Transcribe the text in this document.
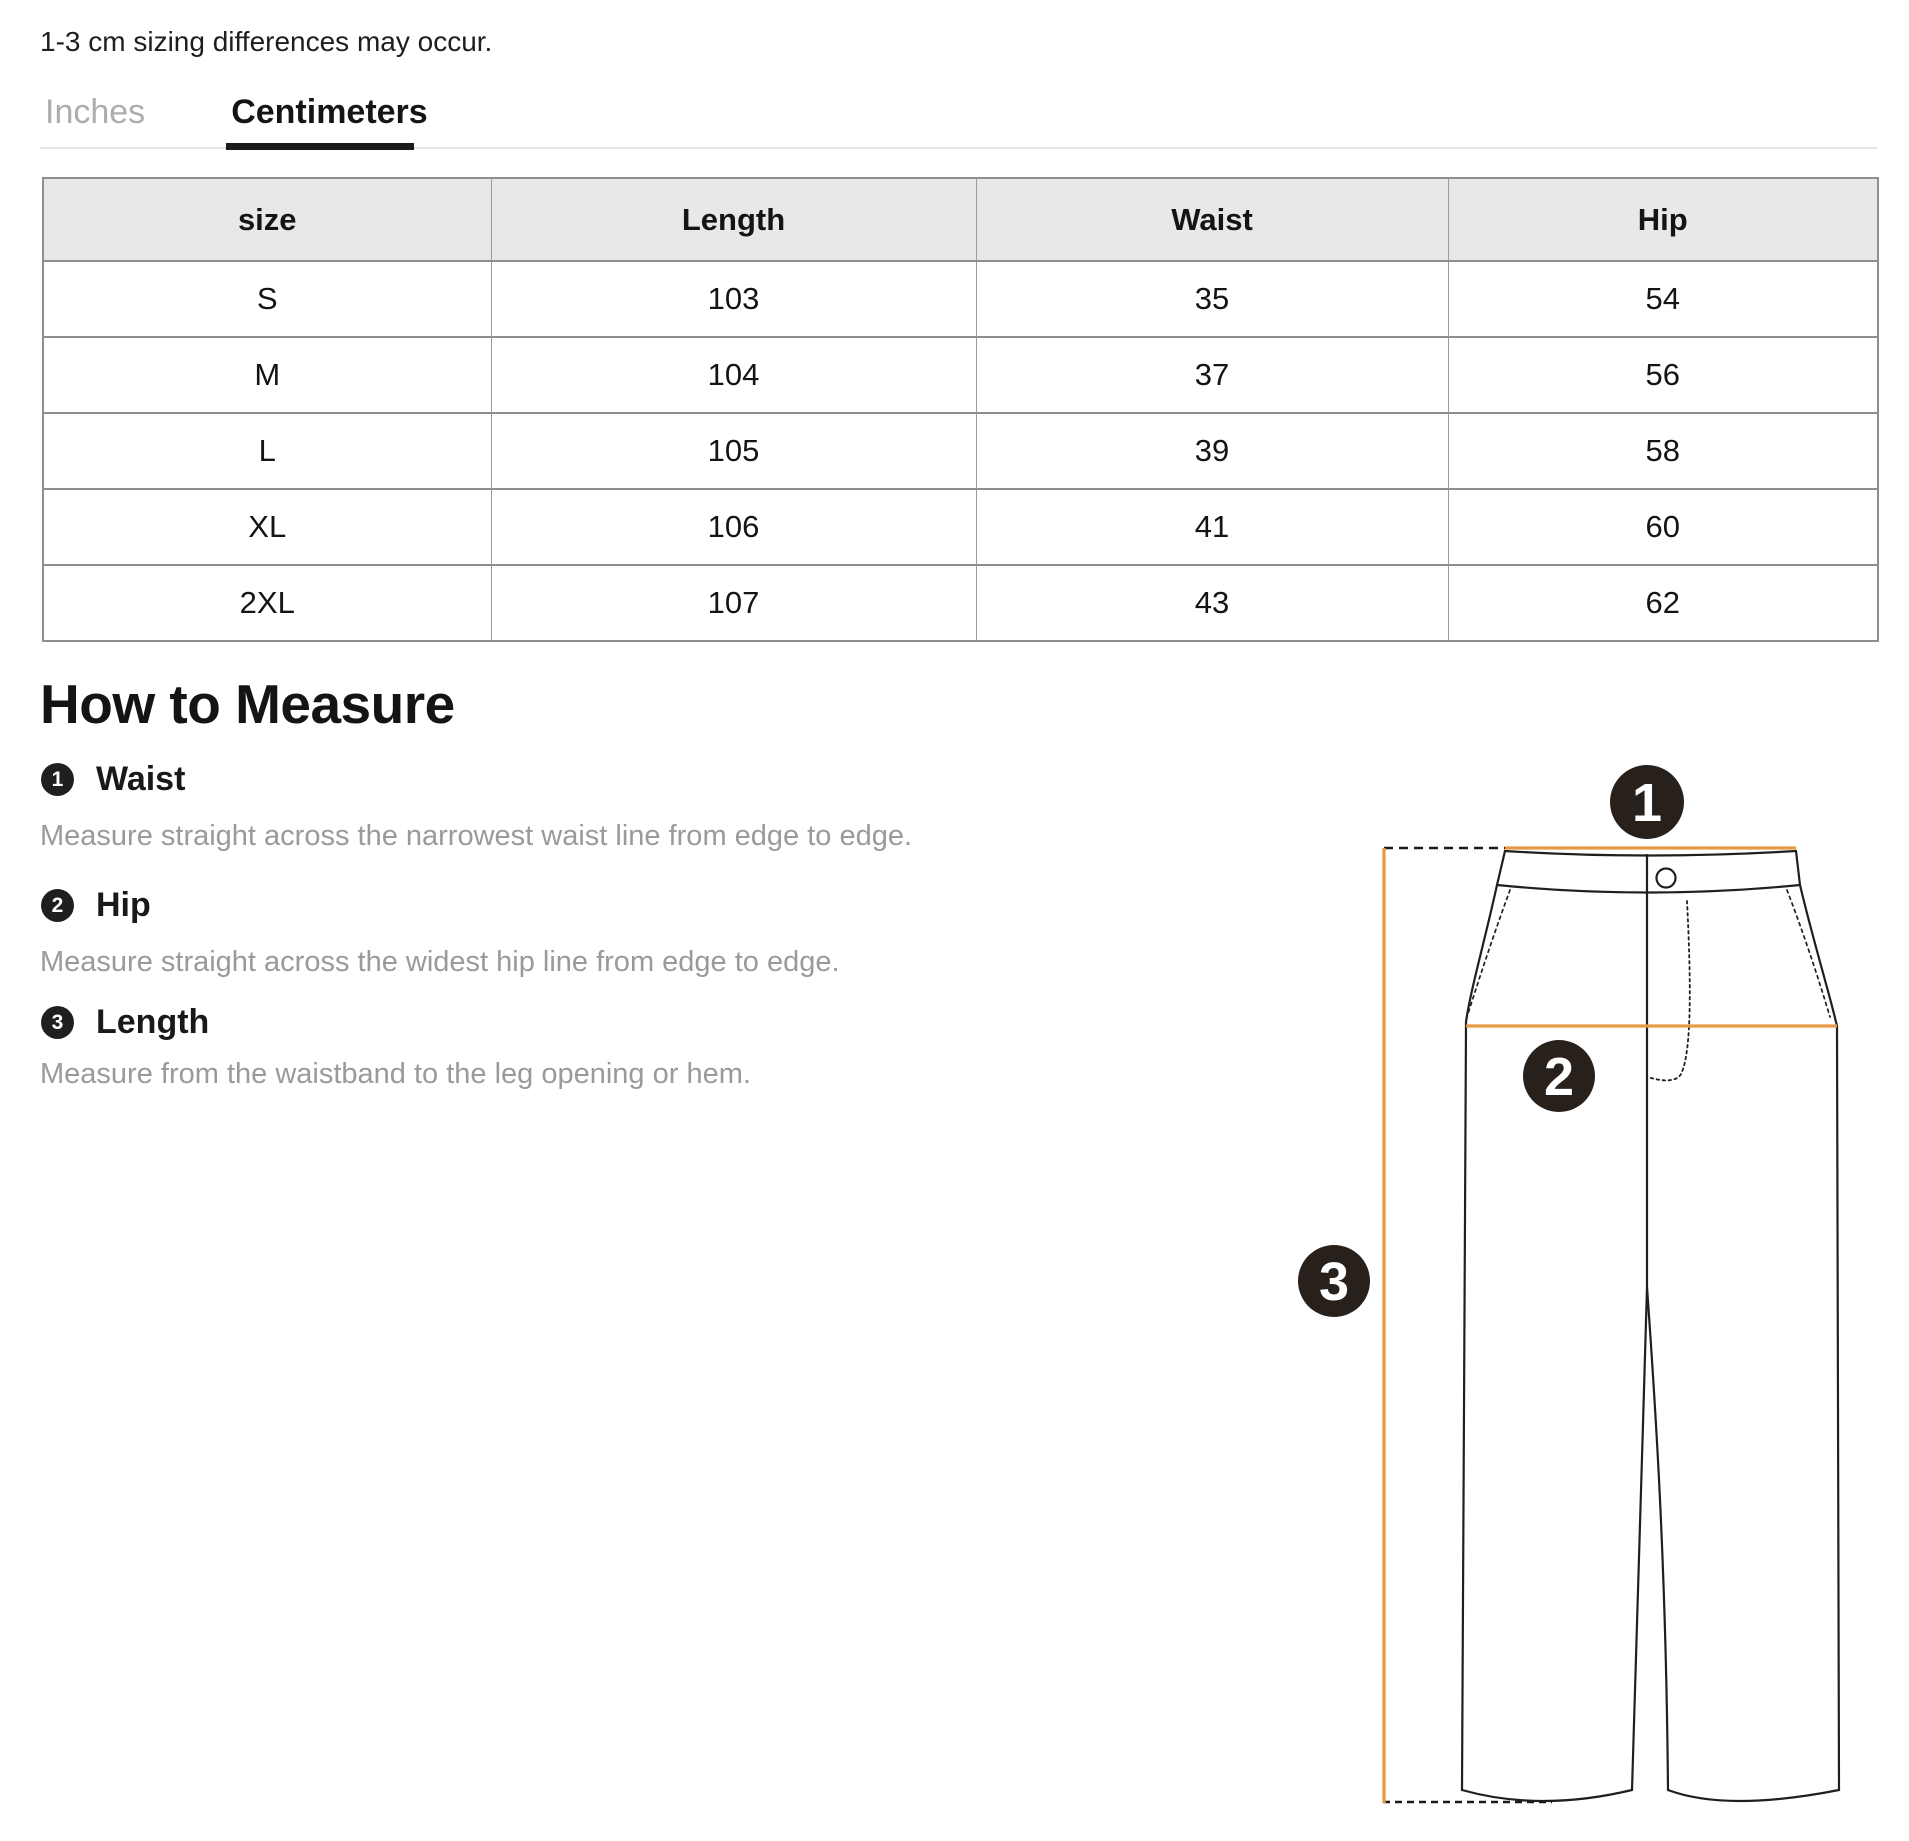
1-3 cm sizing differences may occur.
Inches	Centimeters
size	Length	Waist	Hip
S	103	35	54
M	104	37	56
L	105	39	58
XL	106	41	60
2XL	107	43	62
How to Measure
1 Waist
Measure straight across the narrowest waist line from edge to edge.
2 Hip
Measure straight across the widest hip line from edge to edge.
3 Length
Measure from the waistband to the leg opening or hem.
1
2
3
